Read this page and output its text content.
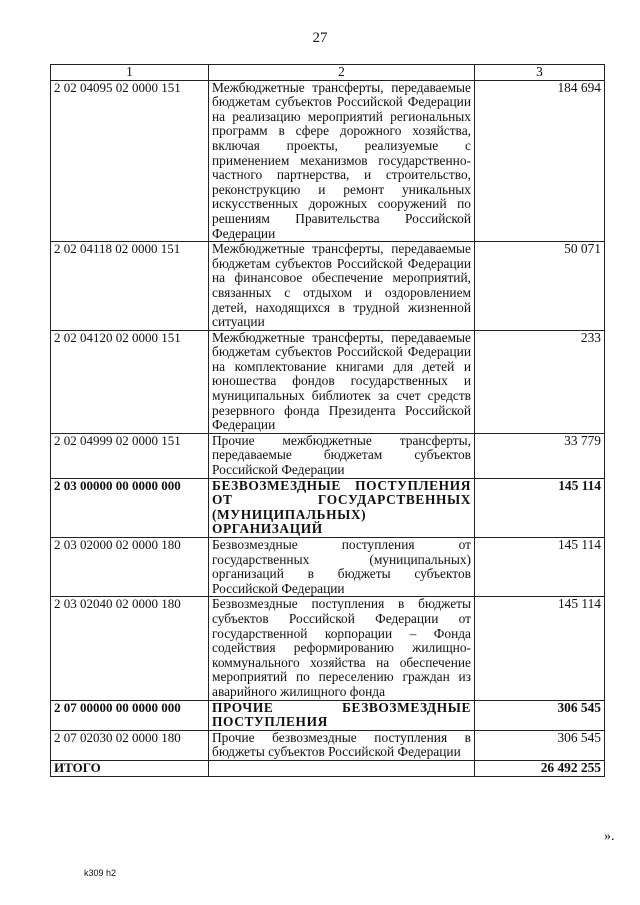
27
1	2	3
2 02 04095 02 0000 151	Межбюджетные трансферты, передаваемые бюджетам субъектов Российской Федерации на реализацию мероприятий региональных программ в сфере дорожного хозяйства, включая проекты, реализуемые с применением механизмов государственно-частного партнерства, и строительство, реконструкцию и ремонт уникальных искусственных дорожных сооружений по решениям Правительства Российской Федерации	184 694
2 02 04118 02 0000 151	Межбюджетные трансферты, передаваемые бюджетам субъектов Российской Федерации на финансовое обеспечение мероприятий, связанных с отдыхом и оздоровлением детей, находящихся в трудной жизненной ситуации	50 071
2 02 04120 02 0000 151	Межбюджетные трансферты, передаваемые бюджетам субъектов Российской Федерации на комплектование книгами для детей и юношества фондов государственных и муниципальных библиотек за счет средств резервного фонда Президента Российской Федерации	233
2 02 04999 02 0000 151	Прочие межбюджетные трансферты, передаваемые бюджетам субъектов Российской Федерации	33 779
2 03 00000 00 0000 000	БЕЗВОЗМЕЗДНЫЕ ПОСТУПЛЕНИЯ ОТ ГОСУДАРСТВЕННЫХ (МУНИЦИПАЛЬНЫХ) ОРГАНИЗАЦИЙ	145 114
2 03 02000 02 0000 180	Безвозмездные поступления от государственных (муниципальных) организаций в бюджеты субъектов Российской Федерации	145 114
2 03 02040 02 0000 180	Безвозмездные поступления в бюджеты субъектов Российской Федерации от государственной корпорации – Фонда содействия реформированию жилищно-коммунального хозяйства на обеспечение мероприятий по переселению граждан из аварийного жилищного фонда	145 114
2 07 00000 00 0000 000	ПРОЧИЕ БЕЗВОЗМЕЗДНЫЕ ПОСТУПЛЕНИЯ	306 545
2 07 02030 02 0000 180	Прочие безвозмездные поступления в бюджеты субъектов Российской Федерации	306 545
ИТОГО		26 492 255
».
k309 h2
